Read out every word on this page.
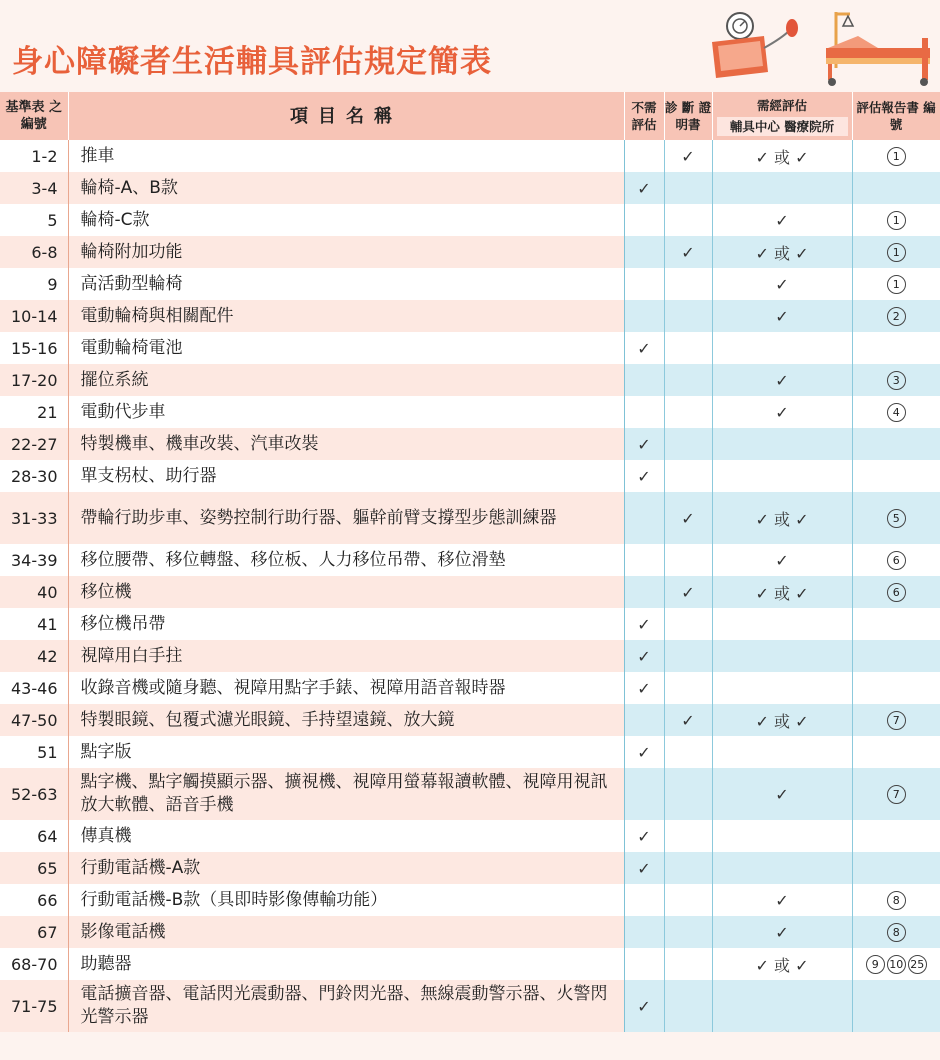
身心障礙者生活輔具評估規定簡表
基準表 之編號	項目名稱	不需 評估	診 斷 證明書	需經評估
輔具中心 醫療院所	評估報告書 編 號
1-2	推車		✓	✓ 或 ✓	1
3-4	輪椅-A、B款	✓			
5	輪椅-C款			✓	1
6-8	輪椅附加功能		✓	✓ 或 ✓	1
9	高活動型輪椅			✓	1
10-14	電動輪椅與相關配件			✓	2
15-16	電動輪椅電池	✓			
17-20	擺位系統			✓	3
21	電動代步車			✓	4
22-27	特製機車、機車改裝、汽車改裝	✓			
28-30	單支柺杖、助行器	✓			
31-33	帶輪行助步車、姿勢控制行助行器、軀幹前臂支撐型步態訓練器		✓	✓ 或 ✓	5
34-39	移位腰帶、移位轉盤、移位板、人力移位吊帶、移位滑墊			✓	6
40	移位機		✓	✓ 或 ✓	6
41	移位機吊帶	✓			
42	視障用白手拄	✓			
43-46	收錄音機或隨身聽、視障用點字手錶、視障用語音報時器	✓			
47-50	特製眼鏡、包覆式濾光眼鏡、手持望遠鏡、放大鏡		✓	✓ 或 ✓	7
51	點字版	✓			
52-63	點字機、點字觸摸顯示器、擴視機、視障用螢幕報讀軟體、視障用視訊放大軟體、語音手機			✓	7
64	傳真機	✓			
65	行動電話機-A款	✓			
66	行動電話機-B款（具即時影像傳輸功能）			✓	8
67	影像電話機			✓	8
68-70	助聽器			✓ 或 ✓	9 10 25
71-75	電話擴音器、電話閃光震動器、門鈴閃光器、無線震動警示器、火警閃光警示器	✓			
